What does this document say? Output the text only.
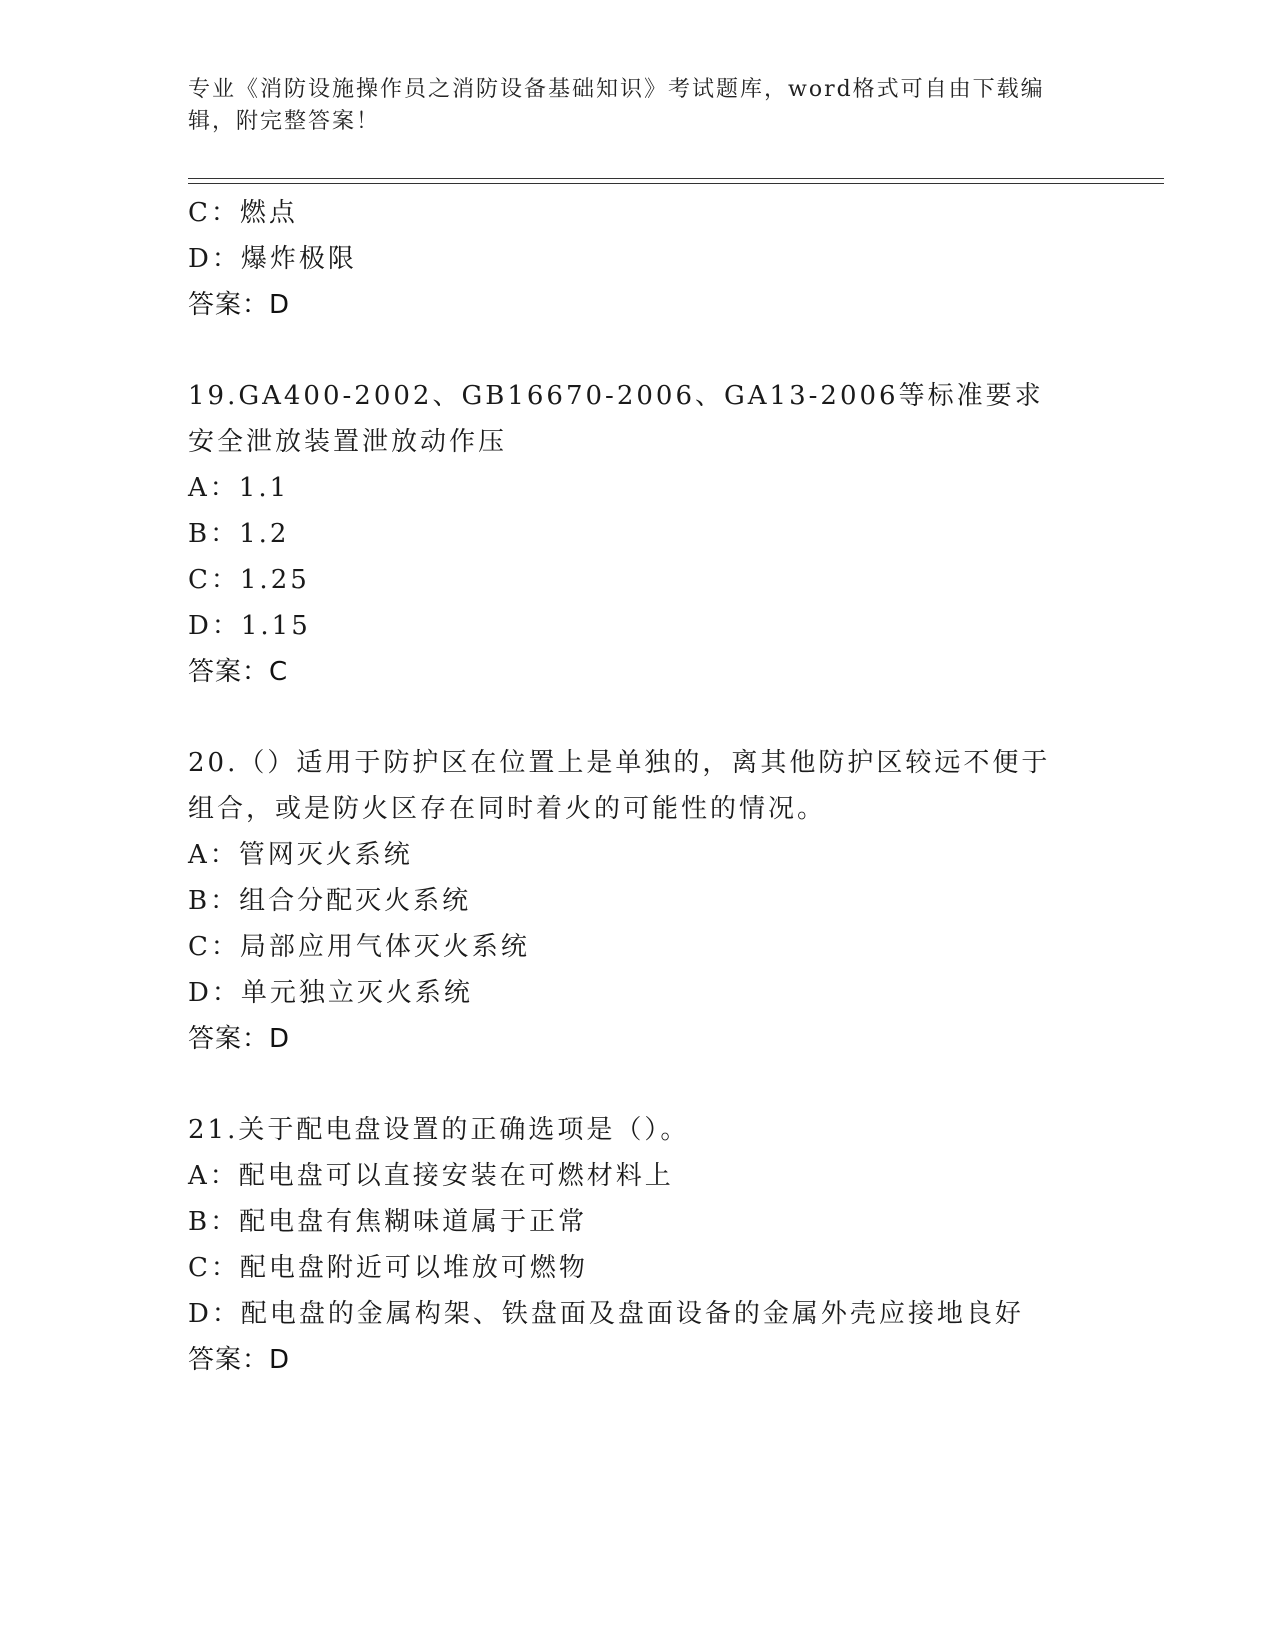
专业《消防设施操作员之消防设备基础知识》考试题库，word格式可自由下载编辑，附完整答案！
C：燃点
D：爆炸极限
答案：D
19.GA400-2002、GB16670-2006、GA13-2006等标准要求安全泄放装置泄放动作压
A：1.1
B：1.2
C：1.25
D：1.15
答案：C
20.（）适用于防护区在位置上是单独的，离其他防护区较远不便于组合，或是防火区存在同时着火的可能性的情况。
A：管网灭火系统
B：组合分配灭火系统
C：局部应用气体灭火系统
D：单元独立灭火系统
答案：D
21.关于配电盘设置的正确选项是（）。
A：配电盘可以直接安装在可燃材料上
B：配电盘有焦糊味道属于正常
C：配电盘附近可以堆放可燃物
D：配电盘的金属构架、铁盘面及盘面设备的金属外壳应接地良好
答案：D
